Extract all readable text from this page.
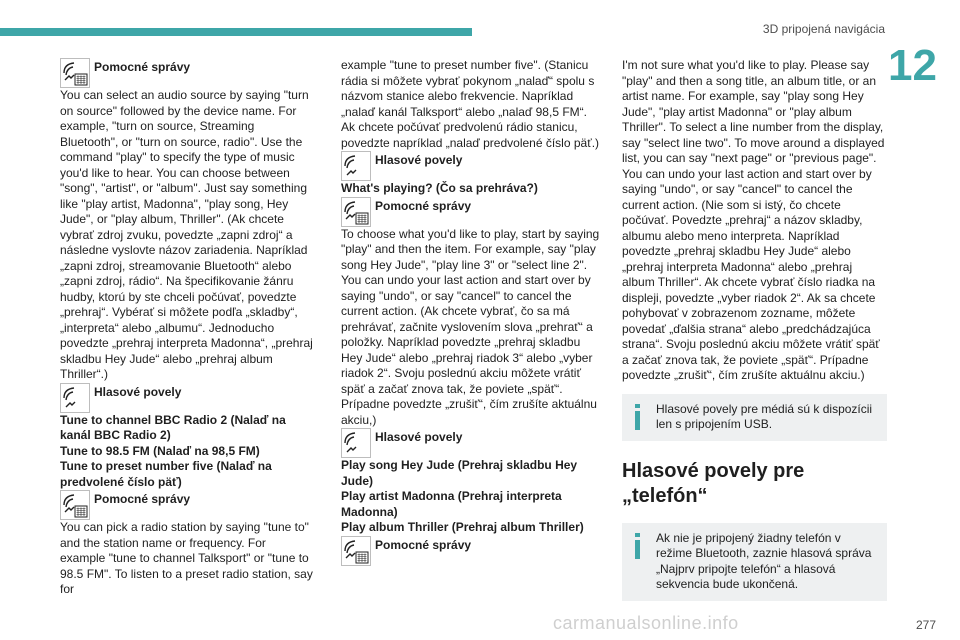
3D pripojená navigácia
12
Pomocné správy

You can select an audio source by saying "turn on source" followed by the device name. For example, "turn on source, Streaming Bluetooth", or "turn on source, radio". Use the command "play" to specify the type of music you'd like to hear. You can choose between "song", "artist", or "album". Just say something like "play artist, Madonna", "play song, Hey Jude", or "play album, Thriller". (Ak chcete vybrať zdroj zvuku, povedzte „zapni zdroj“ a následne vyslovte názov zariadenia. Napríklad „zapni zdroj, streamovanie Bluetooth“ alebo „zapni zdroj, rádio“. Na špecifikovanie žánru hudby, ktorú by ste chceli počúvať, povedzte „prehraj“. Vybérať si môžete podľa „skladby“, „interpreta“ alebo „albumu“. Jednoducho povedzte „prehraj interpreta Madonna“, „prehraj skladbu Hey Jude“ alebo „prehraj album Thriller“.)

Hlasové povely

Tune to channel BBC Radio 2 (Nalaď na kanál BBC Radio 2)

Tune to 98.5 FM (Nalaď na 98,5 FM)

Tune to preset number five (Nalaď na predvolené číslo päť)

Pomocné správy

You can pick a radio station by saying "tune to" and the station name or frequency. For example "tune to channel Talksport" or "tune to 98.5 FM". To listen to a preset radio station, say for

example "tune to preset number five". (Stanicu rádia si môžete vybrať pokynom „nalaď“ spolu s názvom stanice alebo frekvencie. Napríklad „nalaď kanál Talksport“ alebo „nalaď 98,5 FM“. Ak chcete počúvať predvolenú rádio stanicu, povedzte napríklad „nalaď predvolené číslo päť.)

Hlasové povely

What's playing? (Čo sa prehráva?)

Pomocné správy

To choose what you'd like to play, start by saying "play" and then the item. For example, say "play song Hey Jude", "play line 3" or "select line 2". You can undo your last action and start over by saying "undo", or say "cancel" to cancel the current action. (Ak chcete vybrať, čo sa má prehrávať, začnite vyslovením slova „prehrať“ a položky. Napríklad povedzte „prehraj skladbu Hey Jude“ alebo „prehraj riadok 3“ alebo „vyber riadok 2“. Svoju poslednú akciu môžete vrátiť späť a začať znova tak, že poviete „späť“. Prípadne povedzte „zrušiť“, čím zrušíte aktuálnu akciu,)

Hlasové povely

Play song Hey Jude (Prehraj skladbu Hey Jude)

Play artist Madonna (Prehraj interpreta Madonna)

Play album Thriller (Prehraj album Thriller)

Pomocné správy

I'm not sure what you'd like to play. Please say "play" and then a song title, an album title, or an artist name. For example, say "play song Hey Jude", "play artist Madonna" or "play album Thriller". To select a line number from the display, say "select line two". To move around a displayed list, you can say "next page" or "previous page". You can undo your last action and start over by saying "undo", or say "cancel" to cancel the current action. (Nie som si istý, čo chcete počúvať. Povedzte „prehraj“ a názov skladby, albumu alebo meno interpreta. Napríklad povedzte „prehraj skladbu Hey Jude“ alebo „prehraj interpreta Madonna“ alebo „prehraj album Thriller“. Ak chcete vybrať číslo riadka na displeji, povedzte „vyber riadok 2“. Ak sa chcete pohybovať v zobrazenom zozname, môžete povedať „ďalšia strana“ alebo „predchádzajúca strana“. Svoju poslednú akciu môžete vrátiť späť a začať znova tak, že poviete „späť“. Prípadne povedzte „zrušiť“, čím zrušíte aktuálnu akciu.)

Hlasové povely pre médiá sú k dispozícii len s pripojením USB.
Hlasové povely pre „telefón“
Ak nie je pripojený žiadny telefón v režime Bluetooth, zaznie hlasová správa „Najprv pripojte telefón“ a hlasová sekvencia bude ukončená.
carmanualsonline.info	277
